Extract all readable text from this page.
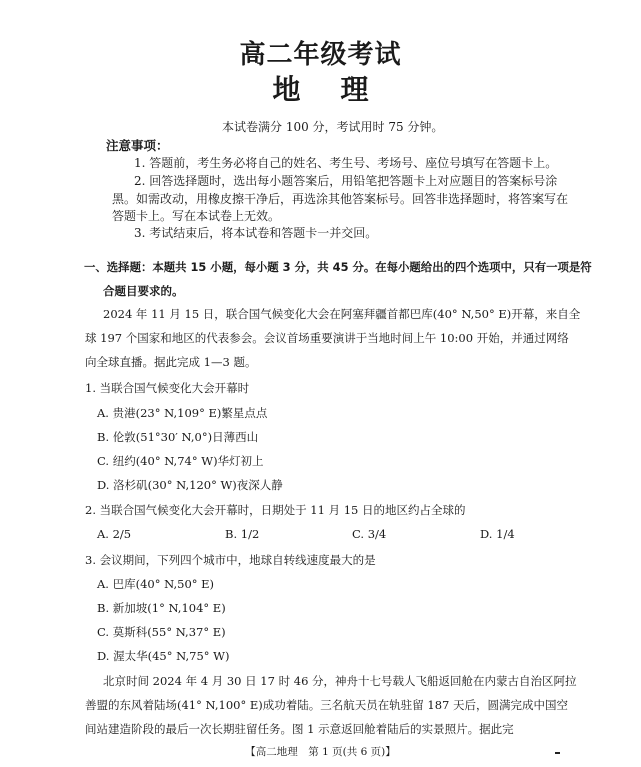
高二年级考试
地理
本试卷满分 100 分，考试用时 75 分钟。
注意事项：
1. 答题前，考生务必将自己的姓名、考生号、考场号、座位号填写在答题卡上。
2. 回答选择题时，选出每小题答案后，用铅笔把答题卡上对应题目的答案标号涂
黑。如需改动，用橡皮擦干净后，再选涂其他答案标号。回答非选择题时，将答案写在
答题卡上。写在本试卷上无效。
3. 考试结束后，将本试卷和答题卡一并交回。
一、选择题：本题共 15 小题，每小题 3 分，共 45 分。在每小题给出的四个选项中，只有一项是符
合题目要求的。
2024 年 11 月 15 日，联合国气候变化大会在阿塞拜疆首都巴库(40° N,50° E)开幕，来自全
球 197 个国家和地区的代表参会。会议首场重要演讲于当地时间上午 10:00 开始，并通过网络
向全球直播。据此完成 1—3 题。
1. 当联合国气候变化大会开幕时
A. 贵港(23° N,109° E)繁星点点
B. 伦敦(51°30′ N,0°)日薄西山
C. 纽约(40° N,74° W)华灯初上
D. 洛杉矶(30° N,120° W)夜深人静
2. 当联合国气候变化大会开幕时，日期处于 11 月 15 日的地区约占全球的
A. 2/5	B. 1/2	C. 3/4	D. 1/4
3. 会议期间，下列四个城市中，地球自转线速度最大的是
A. 巴库(40° N,50° E)
B. 新加坡(1° N,104° E)
C. 莫斯科(55° N,37° E)
D. 渥太华(45° N,75° W)
北京时间 2024 年 4 月 30 日 17 时 46 分，神舟十七号载人飞船返回舱在内蒙古自治区阿拉
善盟的东风着陆场(41° N,100° E)成功着陆。三名航天员在轨驻留 187 天后，圆满完成中国空
间站建造阶段的最后一次长期驻留任务。图 1 示意返回舱着陆后的实景照片。据此完
【高二地理　第 1 页(共 6 页)】
